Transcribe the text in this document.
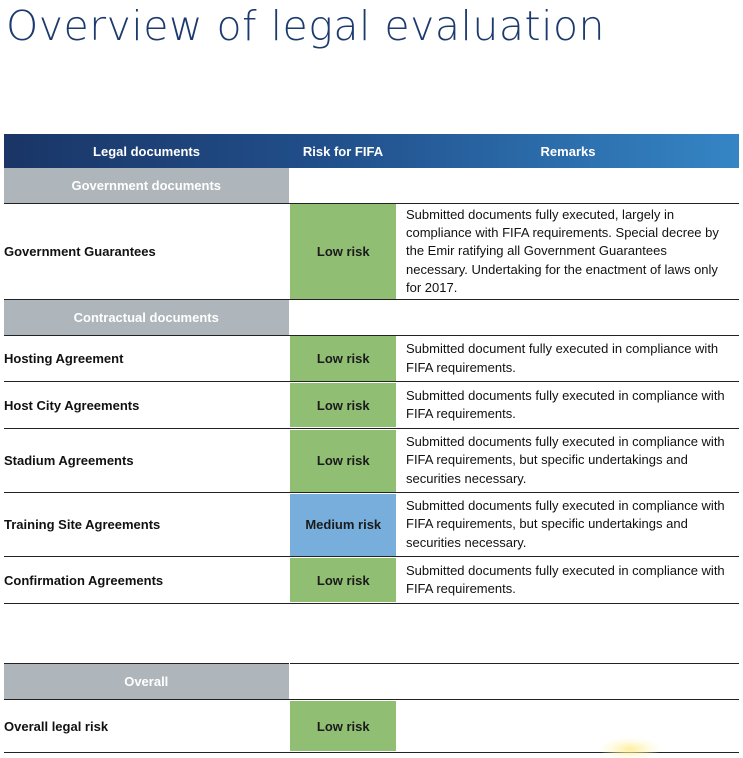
Overview of legal evaluation
Legal documents	Risk for FIFA	Remarks
Government documents		
Government Guarantees	Low risk	Submitted documents fully executed, largely in compliance with FIFA requirements. Special decree by the Emir ratifying all Government Guarantees necessary. Undertaking for the enactment of laws only for 2017.
Contractual documents		
Hosting Agreement	Low risk	Submitted document fully executed in compliance with FIFA requirements.
Host City Agreements	Low risk	Submitted documents fully executed in compliance with FIFA requirements.
Stadium Agreements	Low risk	Submitted documents fully executed in compliance with FIFA requirements, but specific undertakings and securities necessary.
Training Site Agreements	Medium risk	Submitted documents fully executed in compliance with FIFA requirements, but specific undertakings and securities necessary.
Confirmation Agreements	Low risk	Submitted documents fully executed in compliance with FIFA requirements.
Overall		
Overall legal risk	Low risk	
